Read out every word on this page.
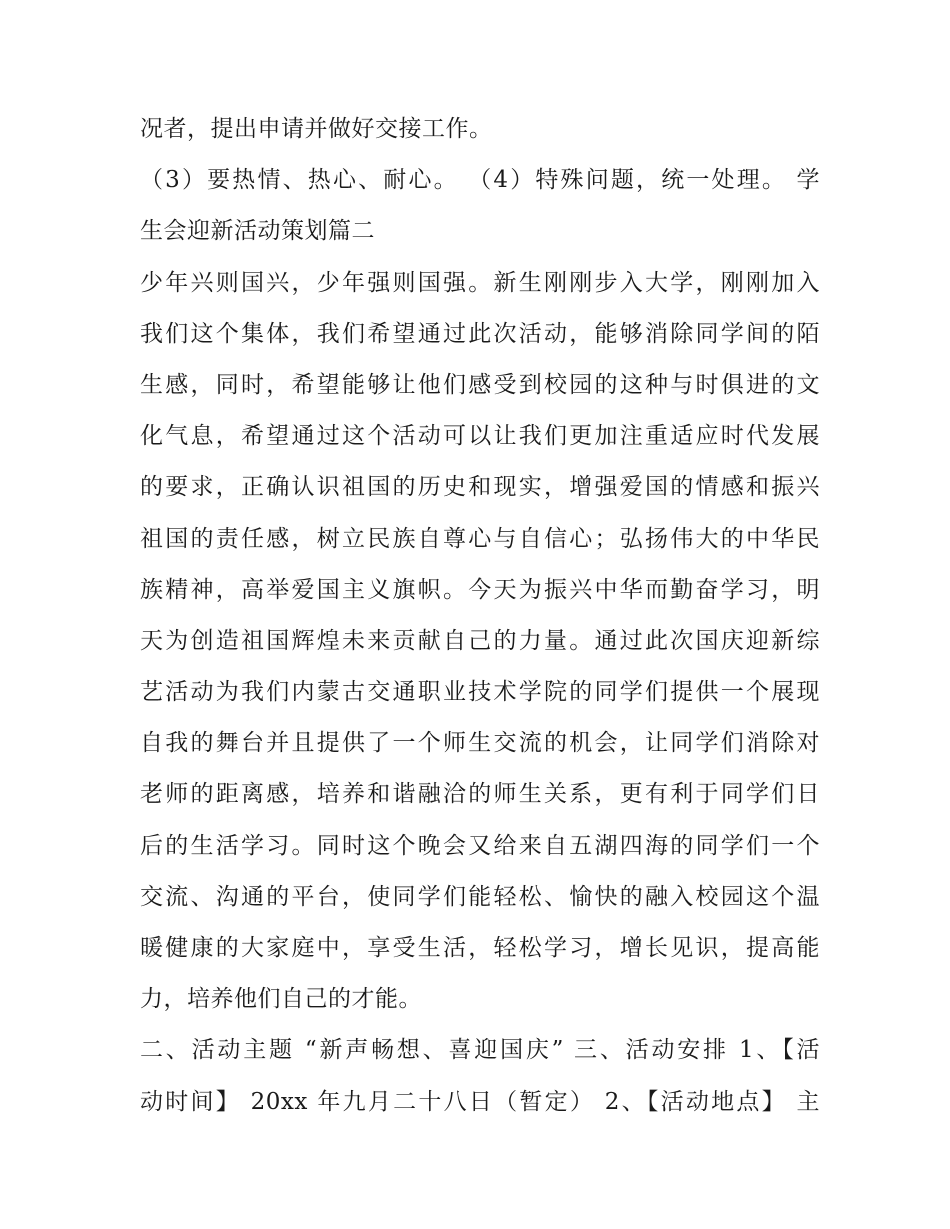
况者，提出申请并做好交接工作。
（3）要热情、热心、耐心。 （4）特殊问题，统一处理。 学
生会迎新活动策划篇二
少年兴则国兴，少年强则国强。新生刚刚步入大学，刚刚加入
我们这个集体，我们希望通过此次活动，能够消除同学间的陌
生感，同时，希望能够让他们感受到校园的这种与时俱进的文
化气息，希望通过这个活动可以让我们更加注重适应时代发展
的要求，正确认识祖国的历史和现实，增强爱国的情感和振兴
祖国的责任感，树立民族自尊心与自信心；弘扬伟大的中华民
族精神，高举爱国主义旗帜。今天为振兴中华而勤奋学习，明
天为创造祖国辉煌未来贡献自己的力量。通过此次国庆迎新综
艺活动为我们内蒙古交通职业技术学院的同学们提供一个展现
自我的舞台并且提供了一个师生交流的机会，让同学们消除对
老师的距离感，培养和谐融洽的师生关系，更有利于同学们日
后的生活学习。同时这个晚会又给来自五湖四海的同学们一个
交流、沟通的平台，使同学们能轻松、愉快的融入校园这个温
暖健康的大家庭中，享受生活，轻松学习，增长见识，提高能
力，培养他们自己的才能。
二、活动主题 “新声畅想、喜迎国庆” 三、活动安排 1、【活
动时间】 20xx 年九月二十八日（暂定） 2、【活动地点】 主
